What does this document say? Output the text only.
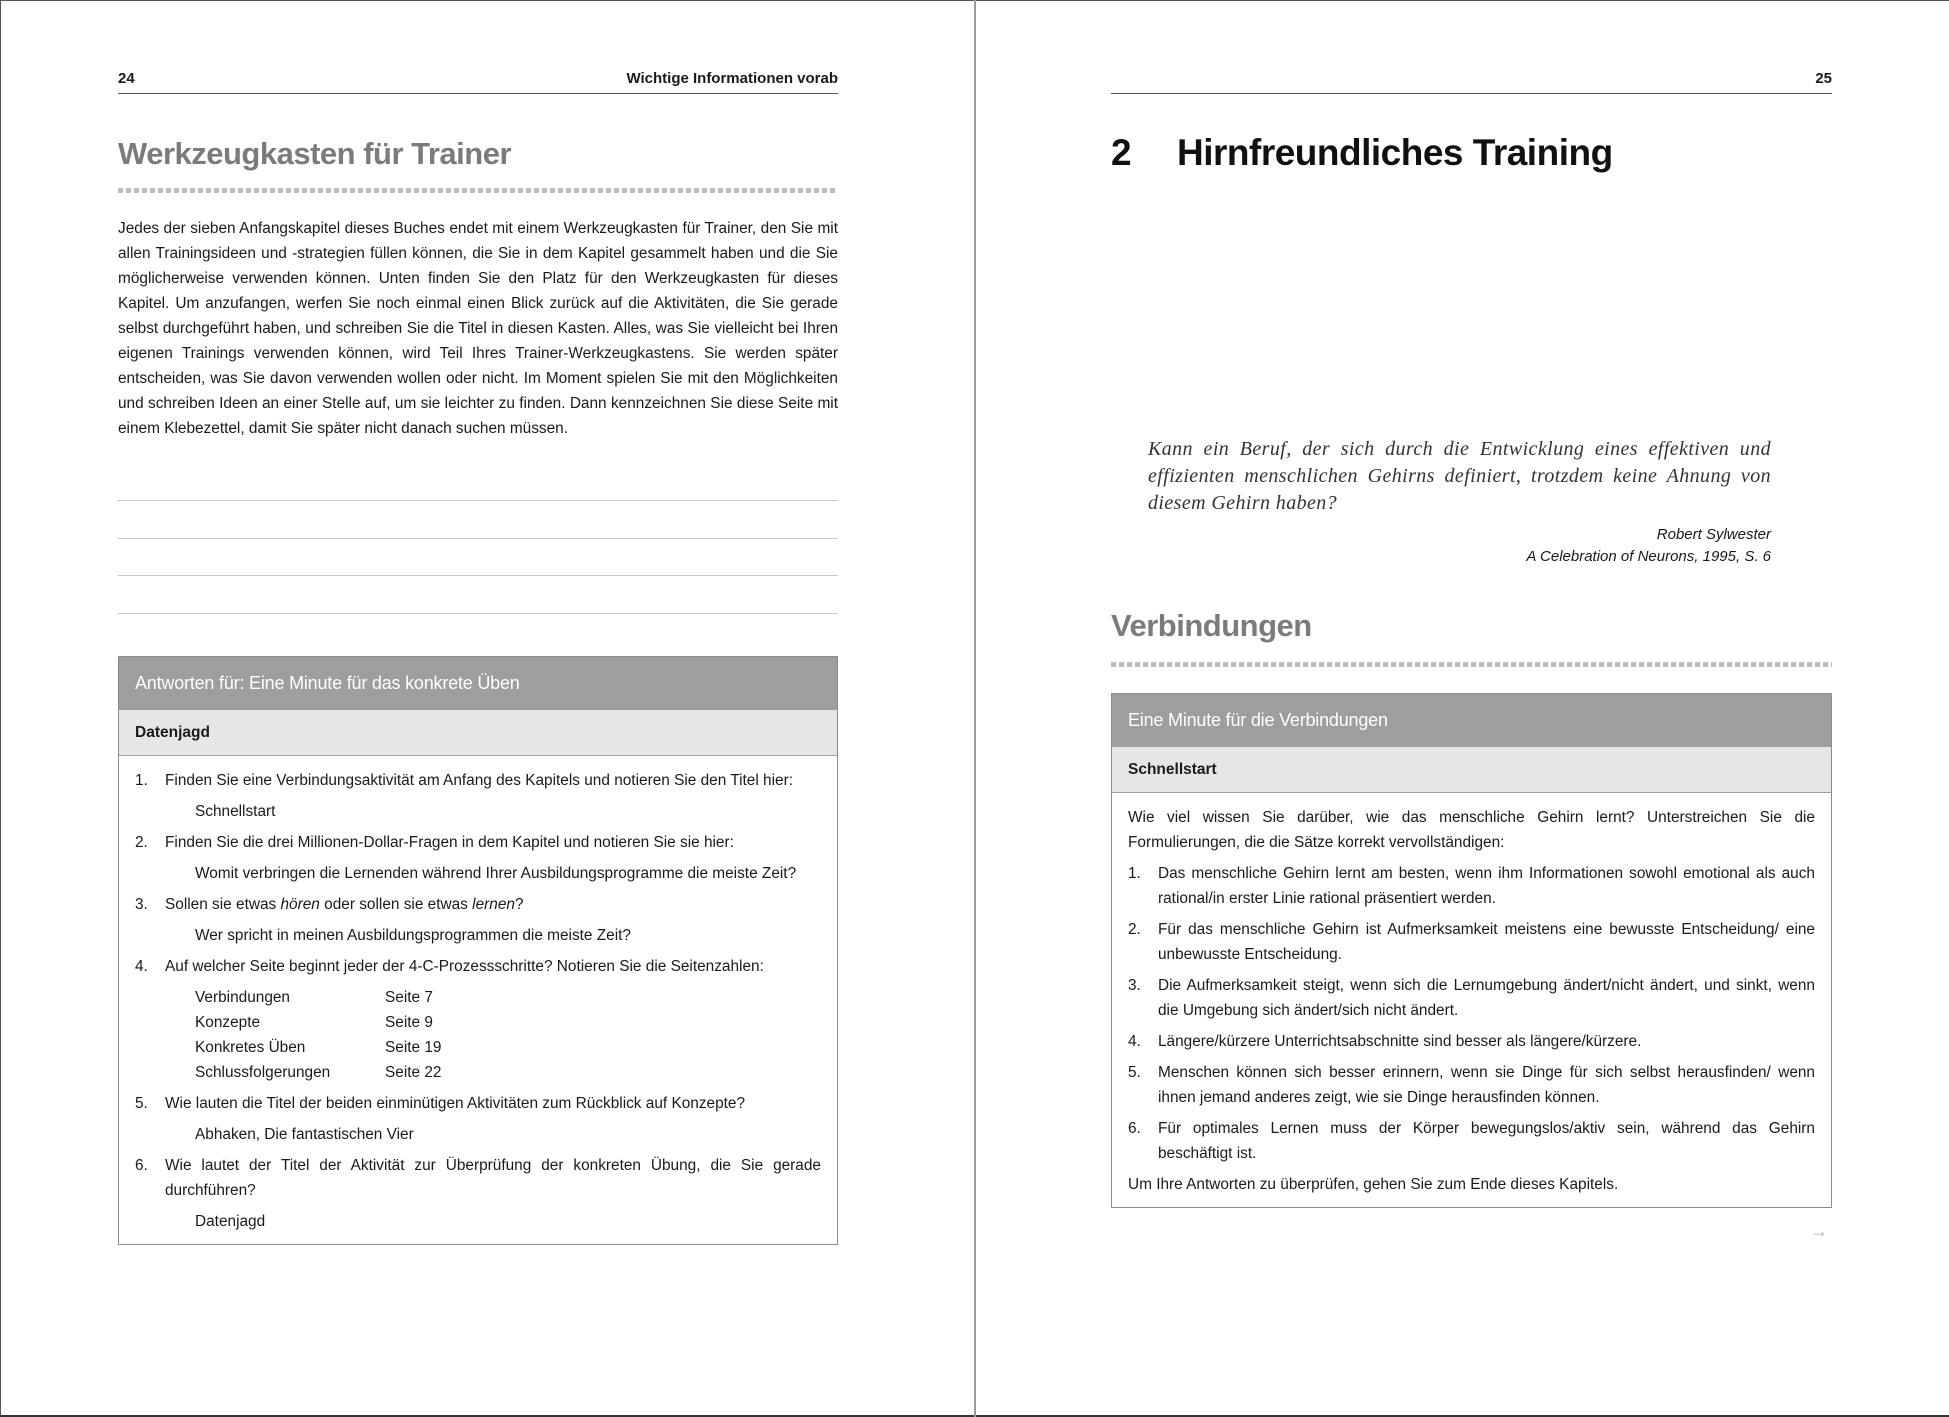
24	Wichtige Informationen vorab
Werkzeugkasten für Trainer
Jedes der sieben Anfangskapitel dieses Buches endet mit einem Werkzeugkasten für Trainer, den Sie mit allen Trainingsideen und -strategien füllen können, die Sie in dem Kapitel gesammelt haben und die Sie möglicherweise verwenden können. Unten finden Sie den Platz für den Werkzeugkasten für dieses Kapitel. Um anzufangen, werfen Sie noch einmal einen Blick zurück auf die Aktivitäten, die Sie gerade selbst durchgeführt haben, und schreiben Sie die Titel in diesen Kasten. Alles, was Sie vielleicht bei Ihren eigenen Trainings verwenden können, wird Teil Ihres Trainer-Werkzeugkastens. Sie werden später entscheiden, was Sie davon verwenden wollen oder nicht. Im Moment spielen Sie mit den Möglichkeiten und schreiben Ideen an einer Stelle auf, um sie leichter zu finden. Dann kennzeichnen Sie diese Seite mit einem Klebezettel, damit Sie später nicht danach suchen müssen.
Antworten für: Eine Minute für das konkrete Üben
Datenjagd
1.	Finden Sie eine Verbindungsaktivität am Anfang des Kapitels und notieren Sie den Titel hier:
Schnellstart
2.	Finden Sie die drei Millionen-Dollar-Fragen in dem Kapitel und notieren Sie sie hier:
Womit verbringen die Lernenden während Ihrer Ausbildungsprogramme die meiste Zeit?
3.	Sollen sie etwas hören oder sollen sie etwas lernen?
Wer spricht in meinen Ausbildungsprogrammen die meiste Zeit?
4.	Auf welcher Seite beginnt jeder der 4-C-Prozessschritte? Notieren Sie die Seitenzahlen:
Verbindungen	Seite 7
Konzepte	Seite 9
Konkretes Üben	Seite 19
Schlussfolgerungen	Seite 22
5.	Wie lauten die Titel der beiden einminütigen Aktivitäten zum Rückblick auf Konzepte?
Abhaken, Die fantastischen Vier
6.	Wie lautet der Titel der Aktivität zur Überprüfung der konkreten Übung, die Sie gerade durchführen?
Datenjagd
25
2 Hirnfreundliches Training
Kann ein Beruf, der sich durch die Entwicklung eines effektiven und effizienten menschlichen Gehirns definiert, trotzdem keine Ahnung von diesem Gehirn haben?
Robert Sylwester
A Celebration of Neurons, 1995, S. 6
Verbindungen
Eine Minute für die Verbindungen
Schnellstart
Wie viel wissen Sie darüber, wie das menschliche Gehirn lernt? Unterstreichen Sie die Formulierungen, die die Sätze korrekt vervollständigen:
1.	Das menschliche Gehirn lernt am besten, wenn ihm Informationen sowohl emotional als auch rational/in erster Linie rational präsentiert werden.
2.	Für das menschliche Gehirn ist Aufmerksamkeit meistens eine bewusste Entscheidung/ eine unbewusste Entscheidung.
3.	Die Aufmerksamkeit steigt, wenn sich die Lernumgebung ändert/nicht ändert, und sinkt, wenn die Umgebung sich ändert/sich nicht ändert.
4.	Längere/kürzere Unterrichtsabschnitte sind besser als längere/kürzere.
5.	Menschen können sich besser erinnern, wenn sie Dinge für sich selbst herausfinden/ wenn ihnen jemand anderes zeigt, wie sie Dinge herausfinden können.
6.	Für optimales Lernen muss der Körper bewegungslos/aktiv sein, während das Gehirn beschäftigt ist.
Um Ihre Antworten zu überprüfen, gehen Sie zum Ende dieses Kapitels.
→
